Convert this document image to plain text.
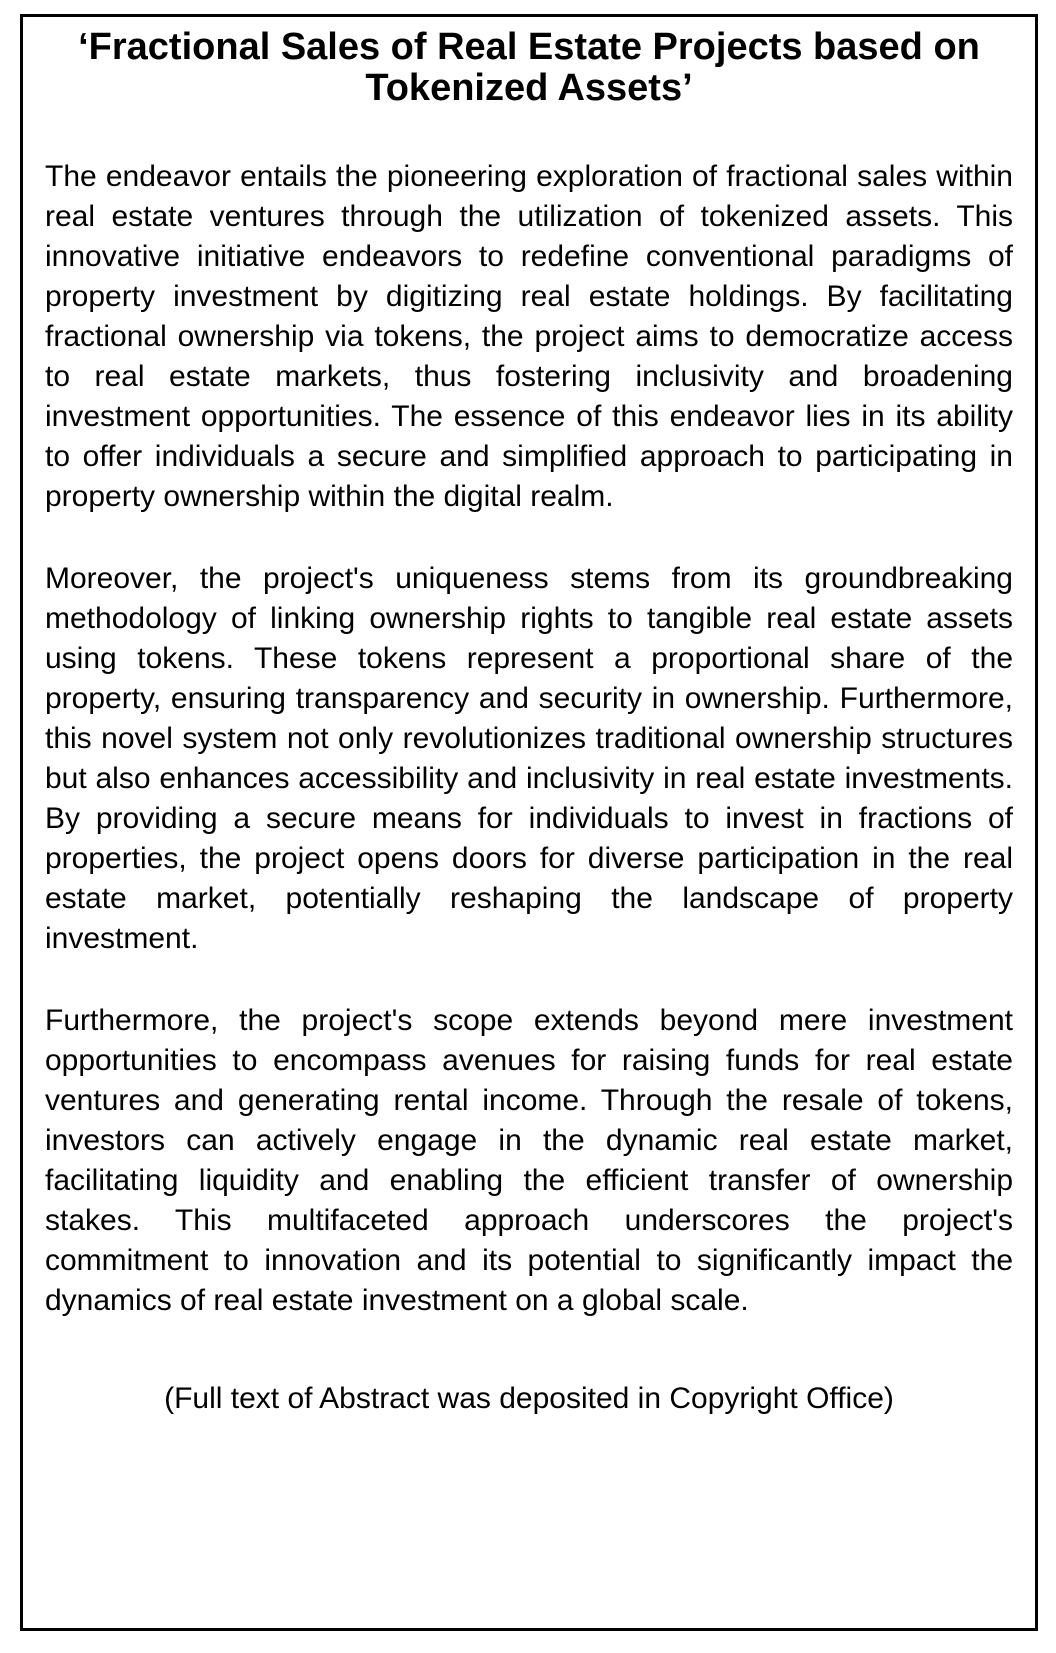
‘Fractional Sales of Real Estate Projects based on Tokenized Assets’

The endeavor entails the pioneering exploration of fractional sales within real estate ventures through the utilization of tokenized assets. This innovative initiative endeavors to redefine conventional paradigms of property investment by digitizing real estate holdings. By facilitating fractional ownership via tokens, the project aims to democratize access to real estate markets, thus fostering inclusivity and broadening investment opportunities. The essence of this endeavor lies in its ability to offer individuals a secure and simplified approach to participating in property ownership within the digital realm.

Moreover, the project's uniqueness stems from its groundbreaking methodology of linking ownership rights to tangible real estate assets using tokens. These tokens represent a proportional share of the property, ensuring transparency and security in ownership. Furthermore, this novel system not only revolutionizes traditional ownership structures but also enhances accessibility and inclusivity in real estate investments. By providing a secure means for individuals to invest in fractions of properties, the project opens doors for diverse participation in the real estate market, potentially reshaping the landscape of property investment.

Furthermore, the project's scope extends beyond mere investment opportunities to encompass avenues for raising funds for real estate ventures and generating rental income. Through the resale of tokens, investors can actively engage in the dynamic real estate market, facilitating liquidity and enabling the efficient transfer of ownership stakes. This multifaceted approach underscores the project's commitment to innovation and its potential to significantly impact the dynamics of real estate investment on a global scale.

(Full text of Abstract was deposited in Copyright Office)
